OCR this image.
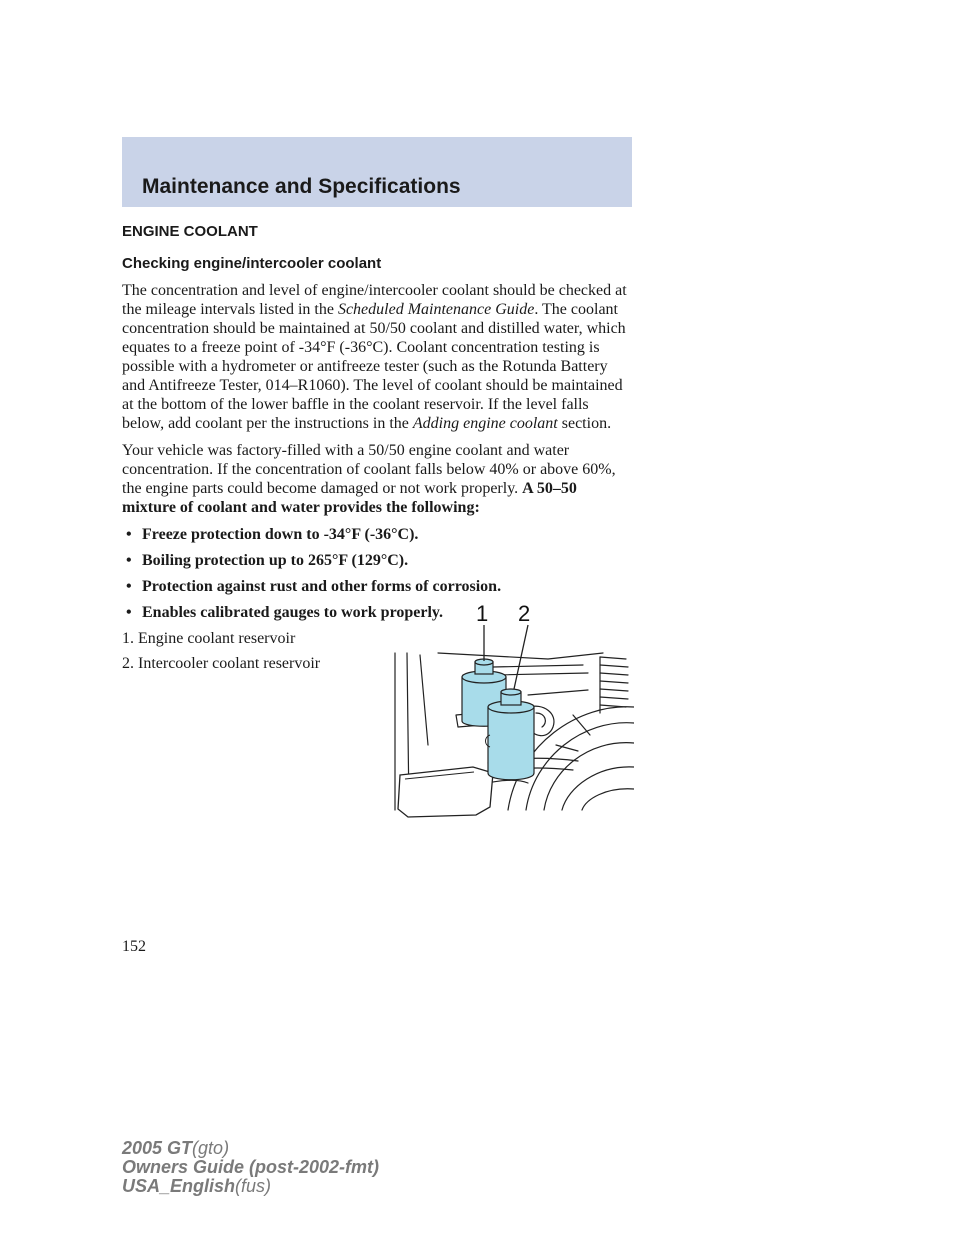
Maintenance and Specifications
ENGINE COOLANT
Checking engine/intercooler coolant

The concentration and level of engine/intercooler coolant should be checked at the mileage intervals listed in the Scheduled Maintenance Guide. The coolant concentration should be maintained at 50/50 coolant and distilled water, which equates to a freeze point of -34°F (-36°C). Coolant concentration testing is possible with a hydrometer or antifreeze tester (such as the Rotunda Battery and Antifreeze Tester, 014–R1060). The level of coolant should be maintained at the bottom of the lower baffle in the coolant reservoir. If the level falls below, add coolant per the instructions in the Adding engine coolant section.

Your vehicle was factory-filled with a 50/50 engine coolant and water concentration. If the concentration of coolant falls below 40% or above 60%, the engine parts could become damaged or not work properly. A 50–50 mixture of coolant and water provides the following:

• Freeze protection down to -34°F (-36°C).
• Boiling protection up to 265°F (129°C).
• Protection against rust and other forms of corrosion.
• Enables calibrated gauges to work properly.
1. Engine coolant reservoir
2. Intercooler coolant reservoir
1 2

152

2005 GT(gto)
Owners Guide (post-2002-fmt)
USA_English(fus)
